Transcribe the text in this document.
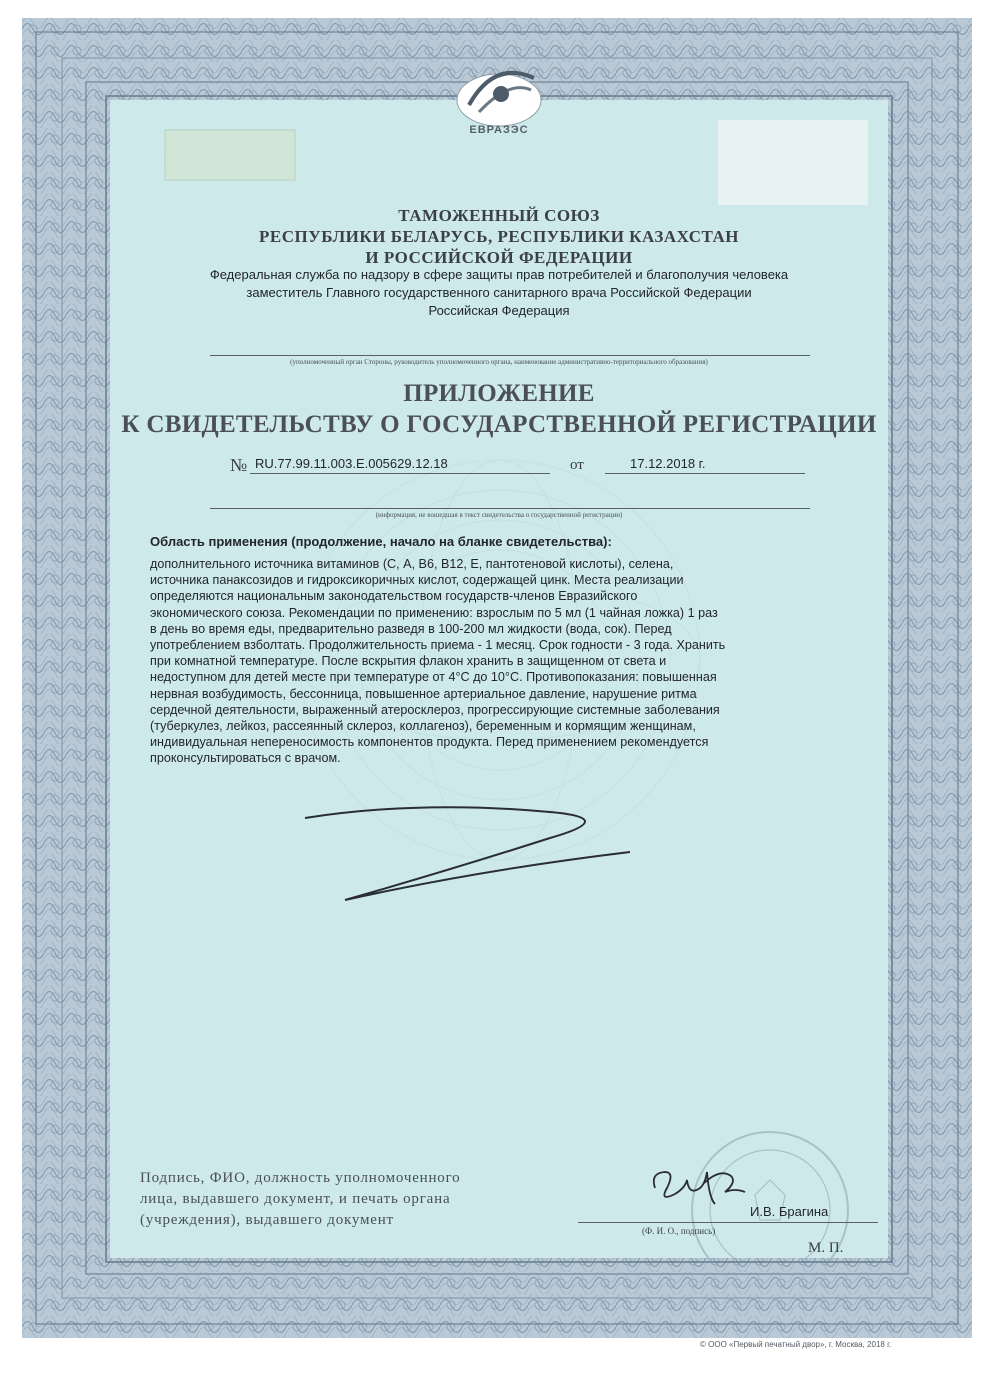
ЕВРАЗЭС
ТАМОЖЕННЫЙ СОЮЗ
РЕСПУБЛИКИ БЕЛАРУСЬ, РЕСПУБЛИКИ КАЗАХСТАН
И РОССИЙСКОЙ ФЕДЕРАЦИИ
Федеральная служба по надзору в сфере защиты прав потребителей и благополучия человека
заместитель Главного государственного санитарного врача Российской Федерации
Российская Федерация
(уполномоченный орган Стороны, руководитель уполномоченного органа, наименование административно-территориального образования)
ПРИЛОЖЕНИЕ
К СВИДЕТЕЛЬСТВУ О ГОСУДАРСТВЕННОЙ РЕГИСТРАЦИИ
№ RU.77.99.11.003.E.005629.12.18	от	17.12.2018 г.
(информация, не вошедшая в текст свидетельства о государственной регистрации)
Область применения (продолжение, начало на бланке свидетельства):
дополнительного источника витаминов (С, А, В6, В12, Е, пантотеновой кислоты), селена,
источника панаксозидов и гидроксикоричных кислот, содержащей цинк. Места реализации
определяются национальным законодательством государств-членов Евразийского
экономического союза. Рекомендации по применению: взрослым по 5 мл (1 чайная ложка) 1 раз
в день во время еды, предварительно разведя в 100-200 мл жидкости (вода, сок). Перед
употреблением взболтать. Продолжительность приема - 1 месяц. Срок годности - 3 года. Хранить
при комнатной температуре. После вскрытия флакон хранить в защищенном от света и
недоступном для детей месте при температуре от 4°С до 10°С. Противопоказания: повышенная
нервная возбудимость, бессонница, повышенное артериальное давление, нарушение ритма
сердечной деятельности, выраженный атеросклероз, прогрессирующие системные заболевания
(туберкулез, лейкоз, рассеянный склероз, коллагеноз), беременным и кормящим женщинам,
индивидуальная непереносимость компонентов продукта. Перед применением рекомендуется
проконсультироваться с врачом.
Подпись, ФИО, должность уполномоченного
лица, выдавшего документ, и печать органа
(учреждения), выдавшего документ
И.В. Брагина
(Ф. И. О., подпись)
М. П.
© ООО «Первый печатный двор», г. Москва, 2018 г.
